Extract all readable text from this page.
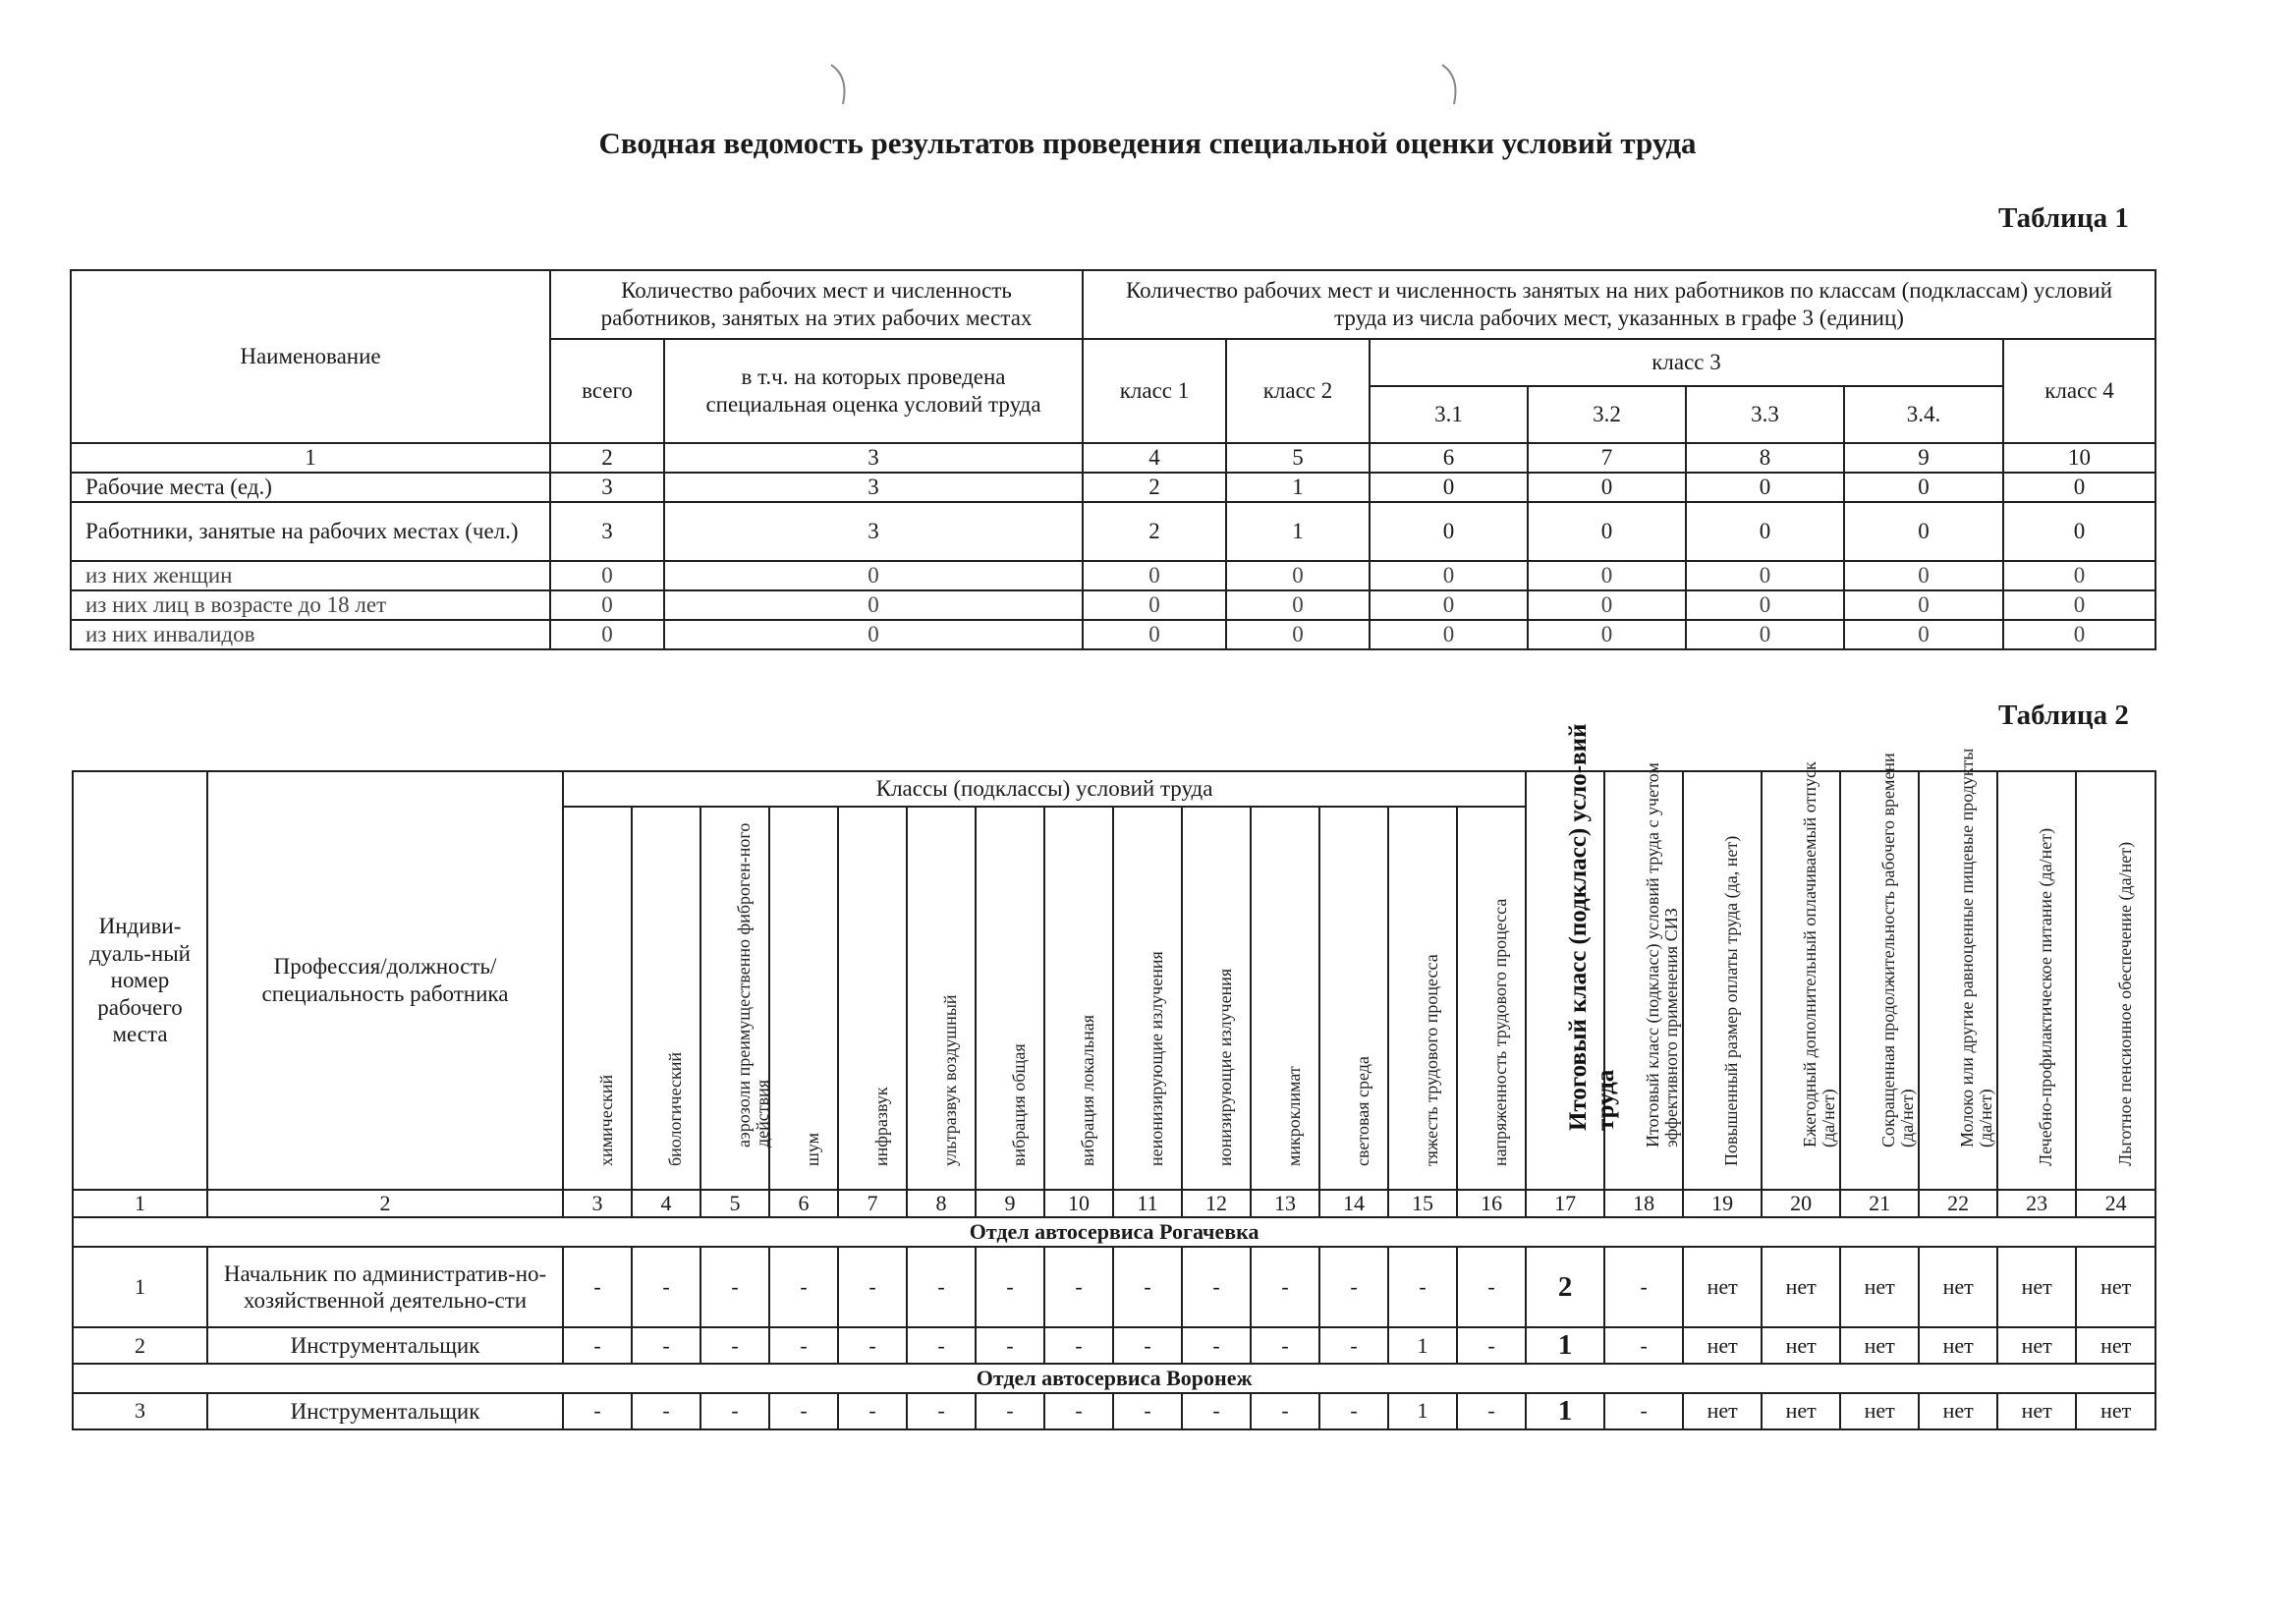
Сводная ведомость результатов проведения специальной оценки условий труда
Таблица 1
Наименование	Количество рабочих мест и численность работников, занятых на этих рабочих местах		Количество рабочих мест и численность занятых на них работников по классам (подклассам) условий труда из числа рабочих мест, указанных в графе 3 (единиц)						
	всего	в т.ч. на которых проведена специальная оценка условий труда	класс 1	класс 2	класс 3				класс 4
					3.1	3.2	3.3	3.4.	
1	2	3	4	5	6	7	8	9	10
Рабочие места (ед.)	3	3	2	1	0	0	0	0	0
Работники, занятые на рабочих местах (чел.)	3	3	2	1	0	0	0	0	0
из них женщин	0	0	0	0	0	0	0	0	0
из них лиц в возрасте до 18 лет	0	0	0	0	0	0	0	0	0
из них инвалидов	0	0	0	0	0	0	0	0	0
Таблица 2
Индиви-дуаль-ный номер рабочего места	Профессия/должность/ специальность работника	Классы (подклассы) условий труда														Итоговый класс (подкласс) усло-вий труда	Итоговый класс (подкласс) условий труда с учетом эффективного применения СИЗ	Повышенный размер оплаты труда (да, нет)	Ежегодный дополнительный оплачиваемый отпуск (да/нет)	Сокращенная продолжительность рабочего времени (да/нет)	Молоко или другие равноценные пищевые продукты (да/нет)	Лечебно-профилактическое питание (да/нет)	Льготное пенсионное обеспечение (да/нет)

		химический	биологический	аэрозоли преимущественно фиброген-ного действия	шум	инфразвук	ультразвук воздушный	вибрация общая	вибрация локальная	неионизирующие излучения	ионизирующие излучения	микроклимат	световая среда	тяжесть трудового процесса	напряженность трудового процесса								

1	2	3	4	5	6	7	8	9	10	11	12	13	14	15	16	17	18	19	20	21	22	23	24
Отдел автосервиса Рогачевка																							
1	Начальник по административ-но-хозяйственной деятельно-сти	-	-	-	-	-	-	-	-	-	-	-	-	-	-	2	-	нет	нет	нет	нет	нет	нет
2	Инструментальщик	-	-	-	-	-	-	-	-	-	-	-	-	1	-	1	-	нет	нет	нет	нет	нет	нет
Отдел автосервиса Воронеж																							
3	Инструментальщик	-	-	-	-	-	-	-	-	-	-	-	-	1	-	1	-	нет	нет	нет	нет	нет	нет
